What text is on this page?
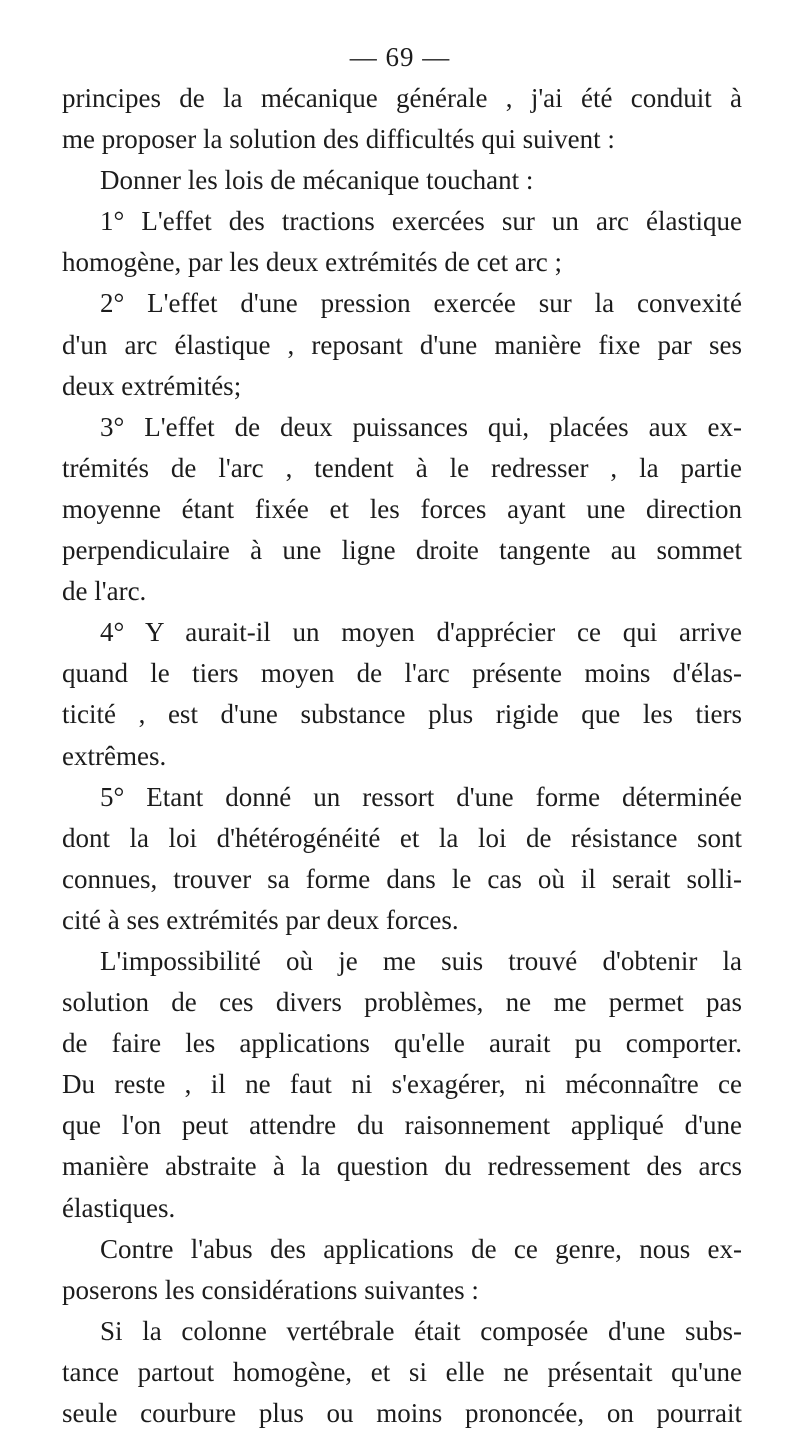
— 69 —
principes de la mécanique générale , j'ai été conduit à
me proposer la solution des difficultés qui suivent :
Donner les lois de mécanique touchant :
1° L'effet des tractions exercées sur un arc élastique
homogène, par les deux extrémités de cet arc ;
2° L'effet d'une pression exercée sur la convexité
d'un arc élastique , reposant d'une manière fixe par ses
deux extrémités;
3° L'effet de deux puissances qui, placées aux ex-
trémités de l'arc , tendent à le redresser , la partie
moyenne étant fixée et les forces ayant une direction
perpendiculaire à une ligne droite tangente au sommet
de l'arc.
4° Y aurait-il un moyen d'apprécier ce qui arrive
quand le tiers moyen de l'arc présente moins d'élas-
ticité , est d'une substance plus rigide que les tiers
extrêmes.
5° Etant donné un ressort d'une forme déterminée
dont la loi d'hétérogénéité et la loi de résistance sont
connues, trouver sa forme dans le cas où il serait solli-
cité à ses extrémités par deux forces.
L'impossibilité où je me suis trouvé d'obtenir la
solution de ces divers problèmes, ne me permet pas
de faire les applications qu'elle aurait pu comporter.
Du reste , il ne faut ni s'exagérer, ni méconnaître ce
que l'on peut attendre du raisonnement appliqué d'une
manière abstraite à la question du redressement des arcs
élastiques.
Contre l'abus des applications de ce genre, nous ex-
poserons les considérations suivantes :
Si la colonne vertébrale était composée d'une subs-
tance partout homogène, et si elle ne présentait qu'une
seule courbure plus ou moins prononcée, on pourrait
